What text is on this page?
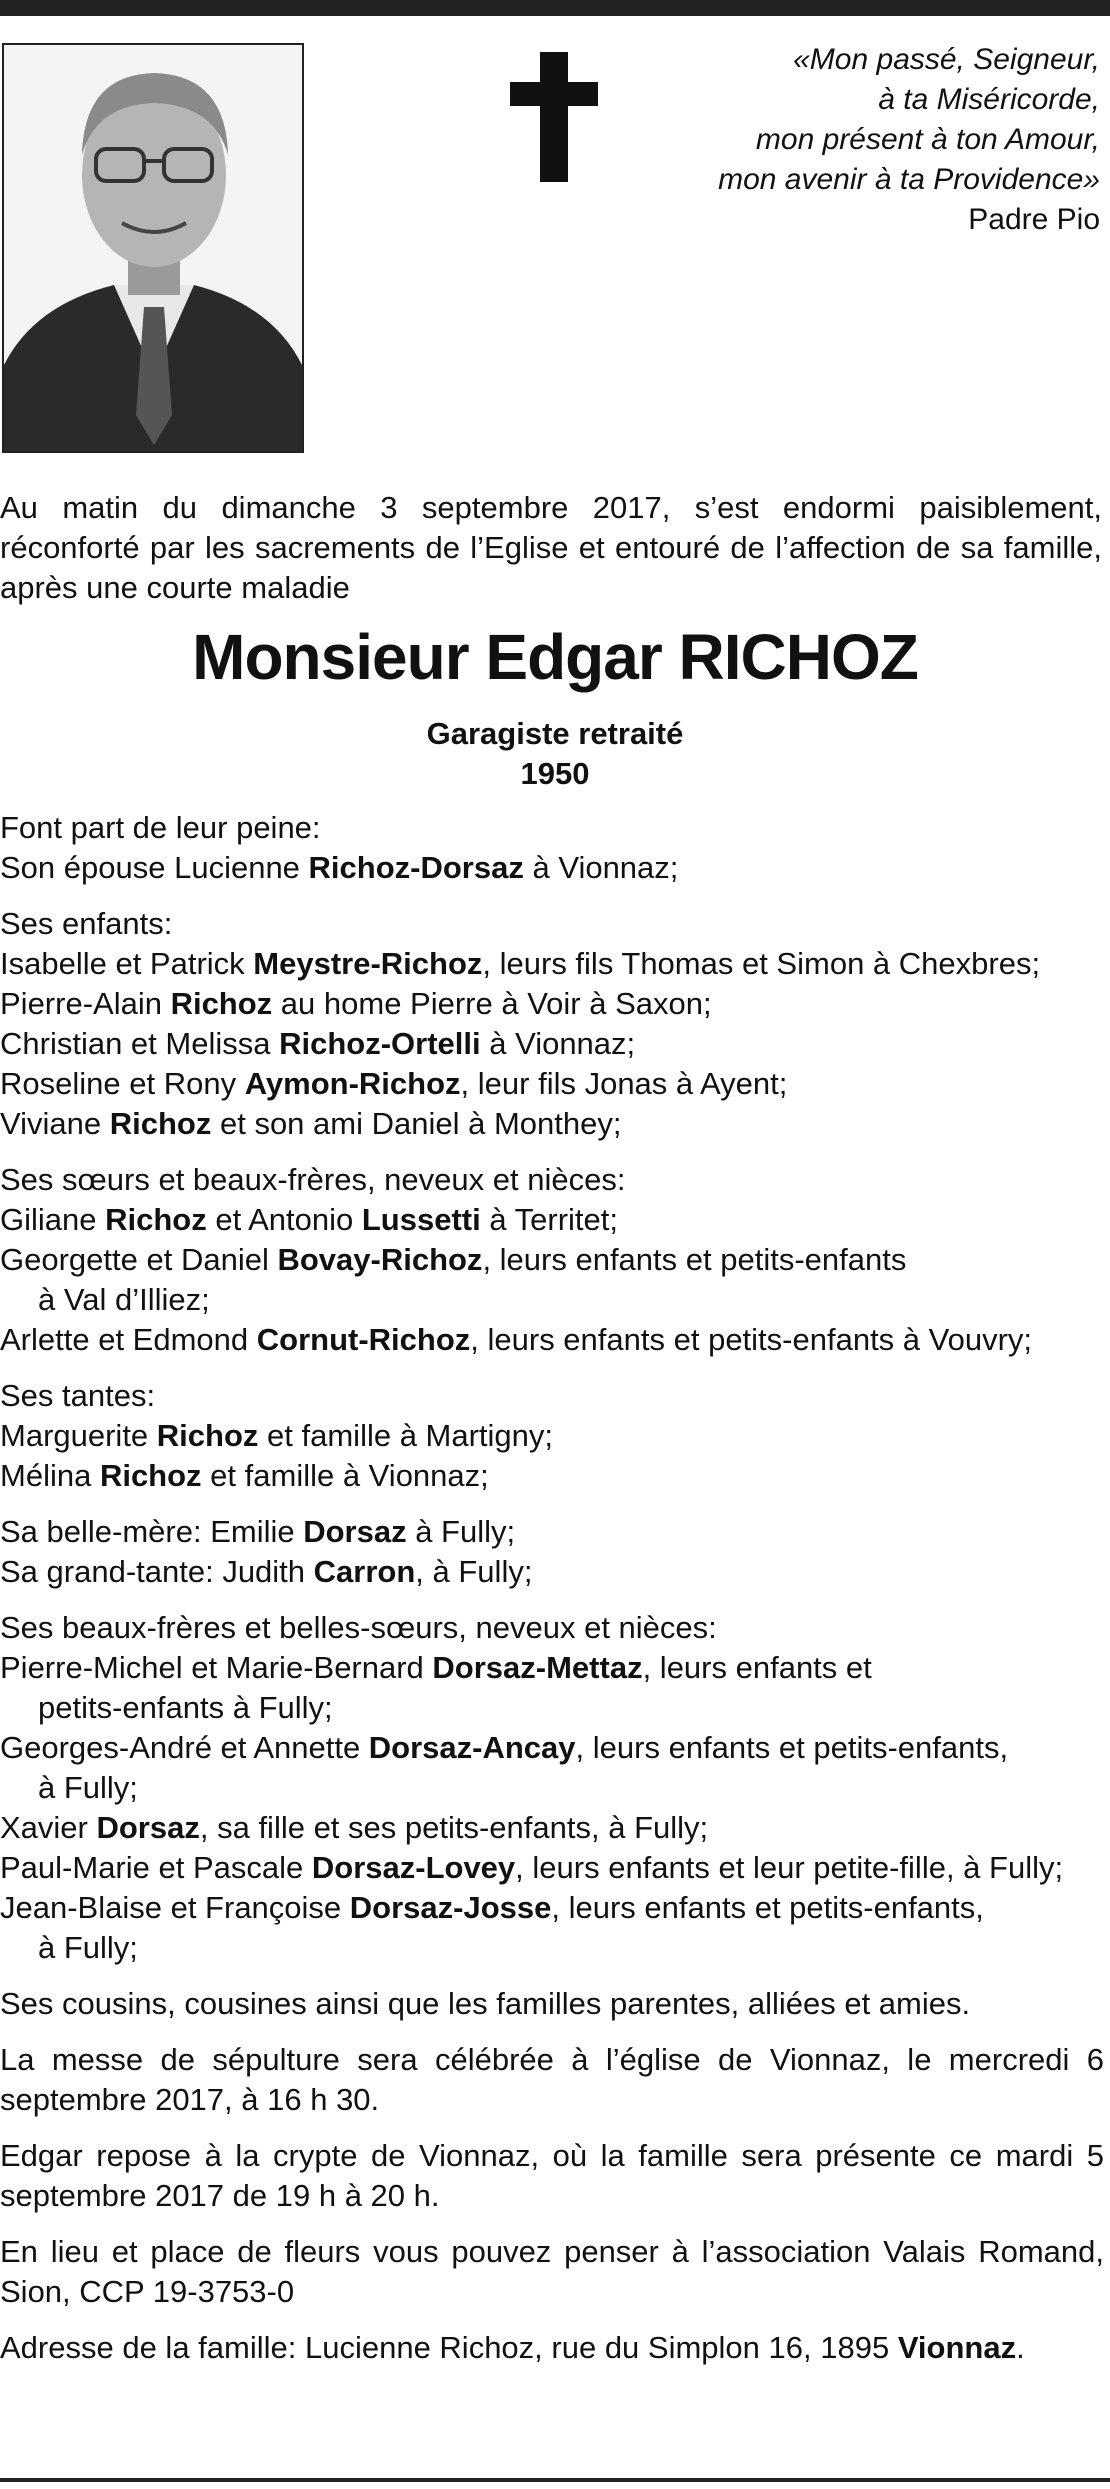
«Mon passé, Seigneur,
à ta Miséricorde,
mon présent à ton Amour,
mon avenir à ta Providence»
Padre Pio
Au matin du dimanche 3 septembre 2017, s’est endormi paisiblement, réconforté par les sacrements de l’Eglise et entouré de l’affection de sa famille, après une courte maladie
Monsieur Edgar RICHOZ
Garagiste retraité
1950
Font part de leur peine:
Son épouse Lucienne Richoz-Dorsaz à Vionnaz;
Ses enfants:
Isabelle et Patrick Meystre-Richoz, leurs fils Thomas et Simon à Chexbres;
Pierre-Alain Richoz au home Pierre à Voir à Saxon;
Christian et Melissa Richoz-Ortelli à Vionnaz;
Roseline et Rony Aymon-Richoz, leur fils Jonas à Ayent;
Viviane Richoz et son ami Daniel à Monthey;
Ses sœurs et beaux-frères, neveux et nièces:
Giliane Richoz et Antonio Lussetti à Territet;
Georgette et Daniel Bovay-Richoz, leurs enfants et petits-enfants
à Val d’Illiez;
Arlette et Edmond Cornut-Richoz, leurs enfants et petits-enfants à Vouvry;
Ses tantes:
Marguerite Richoz et famille à Martigny;
Mélina Richoz et famille à Vionnaz;
Sa belle-mère: Emilie Dorsaz à Fully;
Sa grand-tante: Judith Carron, à Fully;
Ses beaux-frères et belles-sœurs, neveux et nièces:
Pierre-Michel et Marie-Bernard Dorsaz-Mettaz, leurs enfants et
petits-enfants à Fully;
Georges-André et Annette Dorsaz-Ancay, leurs enfants et petits-enfants,
à Fully;
Xavier Dorsaz, sa fille et ses petits-enfants, à Fully;
Paul-Marie et Pascale Dorsaz-Lovey, leurs enfants et leur petite-fille, à Fully;
Jean-Blaise et Françoise Dorsaz-Josse, leurs enfants et petits-enfants,
à Fully;
Ses cousins, cousines ainsi que les familles parentes, alliées et amies.
La messe de sépulture sera célébrée à l’église de Vionnaz, le mercredi 6 septembre 2017, à 16 h 30.
Edgar repose à la crypte de Vionnaz, où la famille sera présente ce mardi 5 septembre 2017 de 19 h à 20 h.
En lieu et place de fleurs vous pouvez penser à l’association Valais Romand, Sion, CCP 19-3753-0
Adresse de la famille: Lucienne Richoz, rue du Simplon 16, 1895 Vionnaz.
